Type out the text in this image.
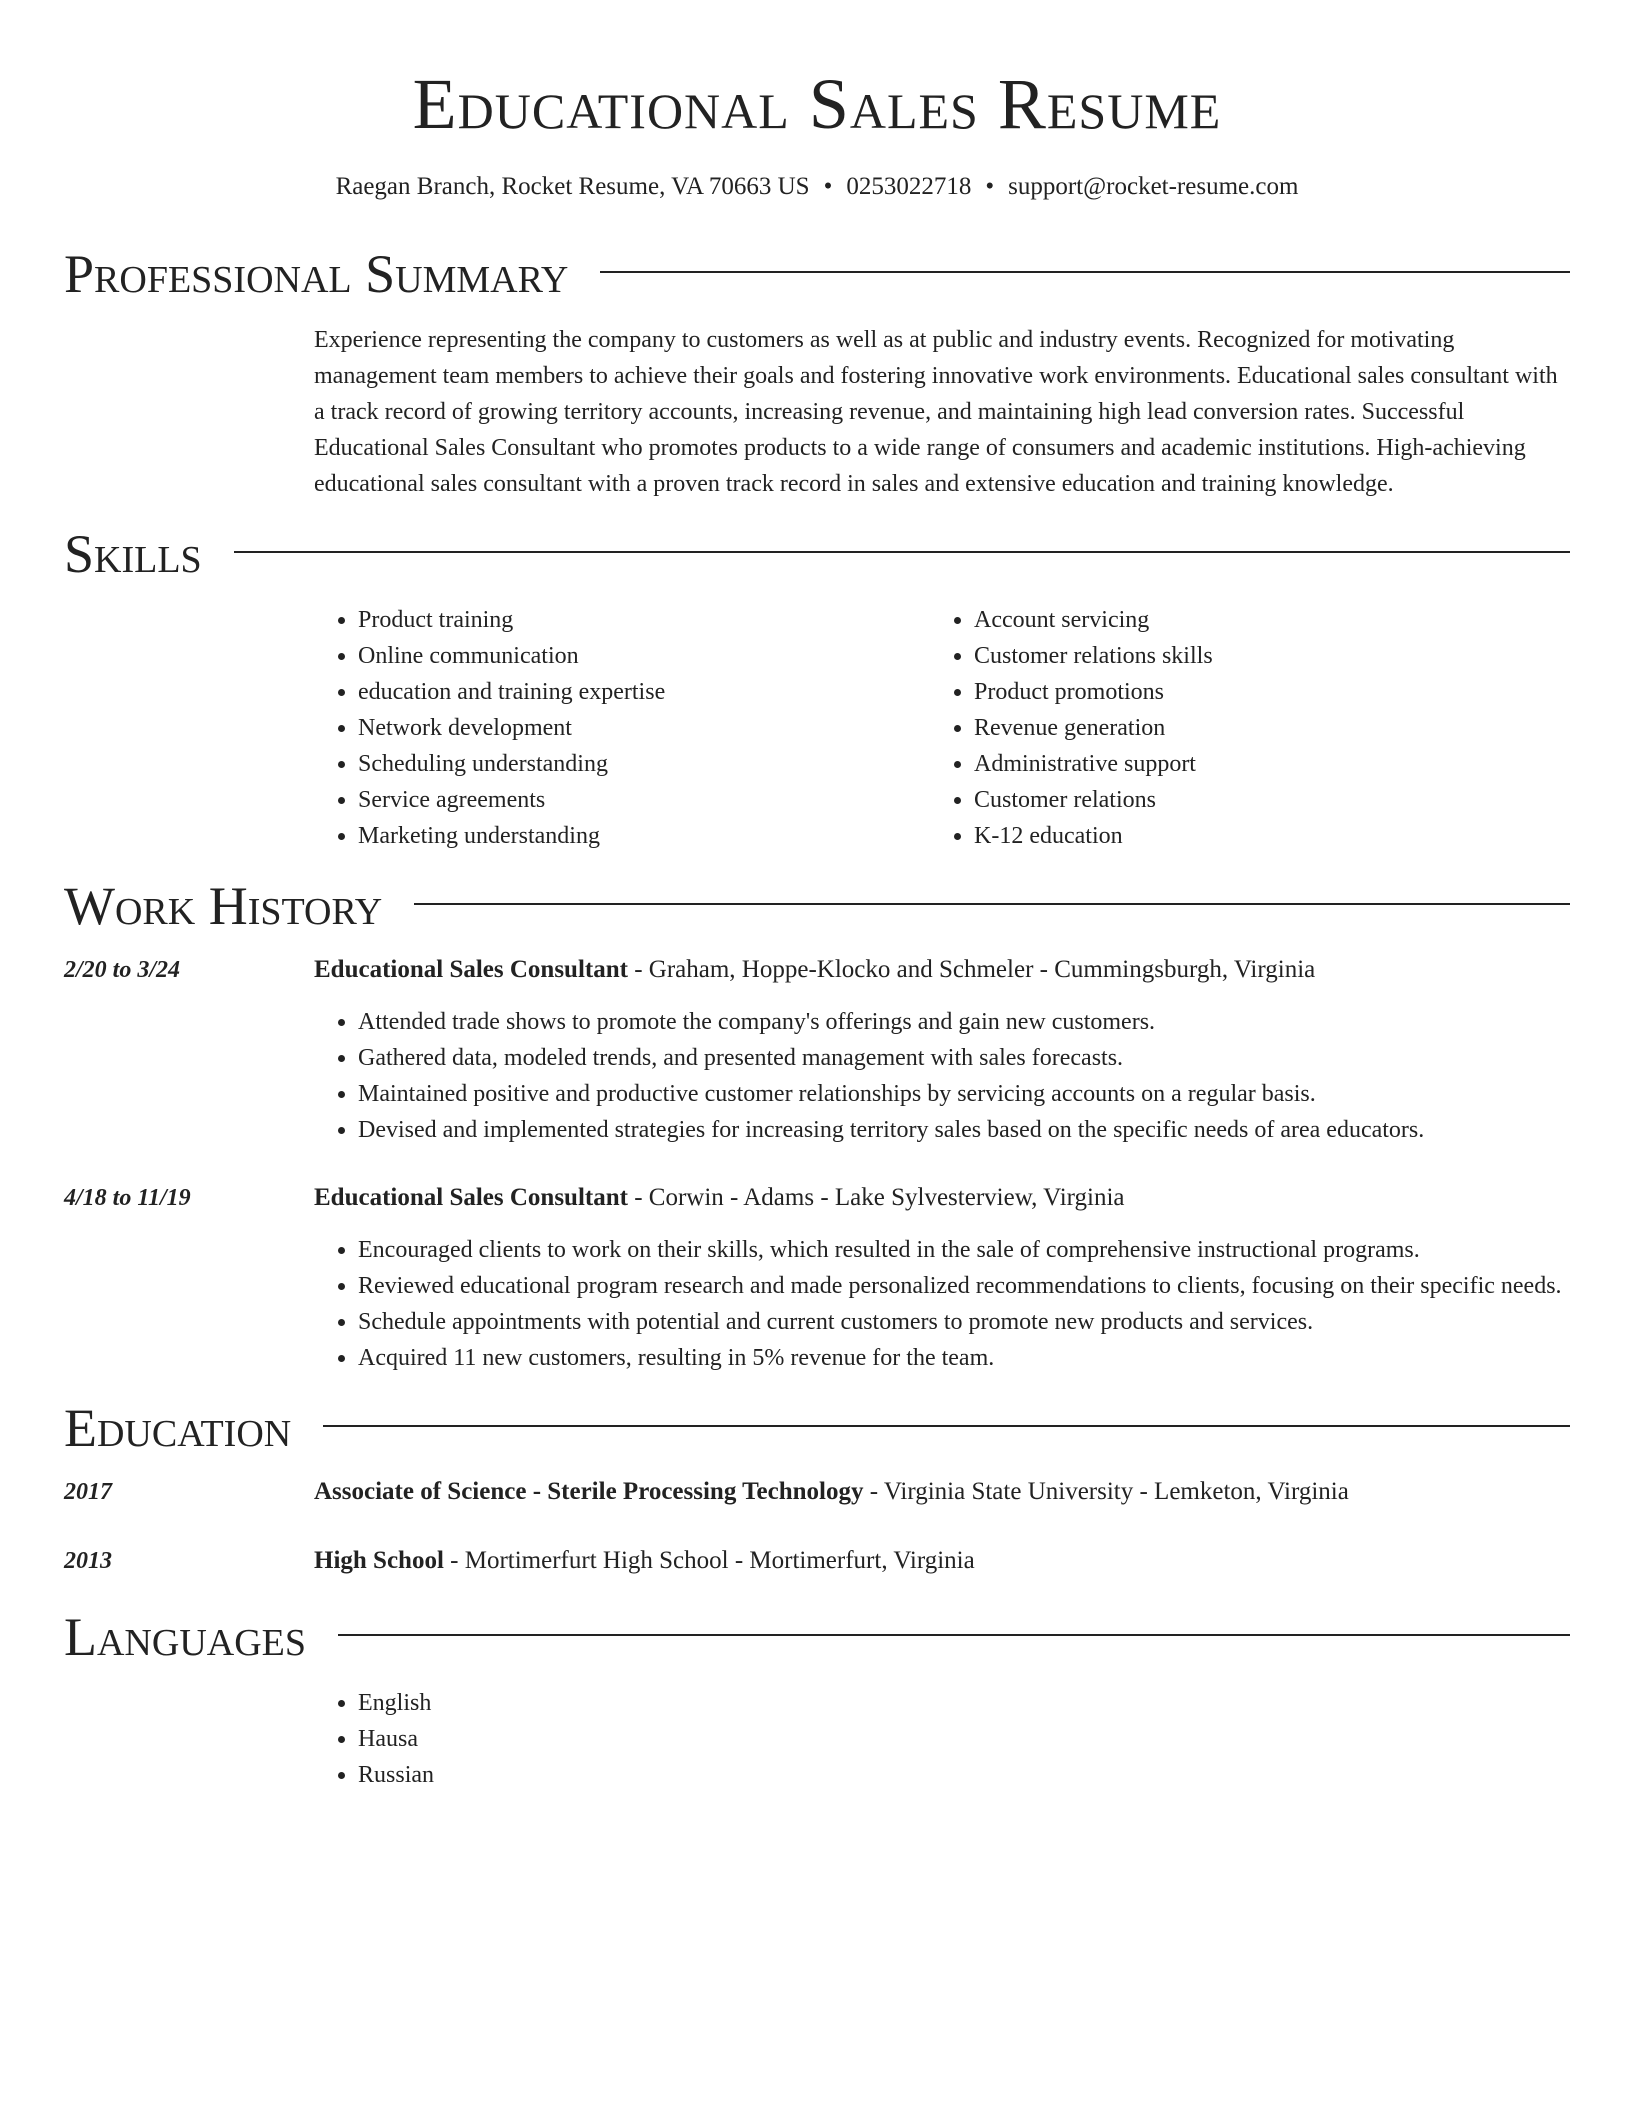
Educational Sales Resume
Raegan Branch, Rocket Resume, VA 70663 US • 0253022718 • support@rocket-resume.com
Professional Summary

Experience representing the company to customers as well as at public and industry events. Recognized for motivating management team members to achieve their goals and fostering innovative work environments. Educational sales consultant with a track record of growing territory accounts, increasing revenue, and maintaining high lead conversion rates. Successful Educational Sales Consultant who promotes products to a wide range of consumers and academic institutions. High-achieving educational sales consultant with a proven track record in sales and extensive education and training knowledge.

Skills
• Product training
• Online communication
• education and training expertise
• Network development
• Scheduling understanding
• Service agreements
• Marketing understanding
• Account servicing
• Customer relations skills
• Product promotions
• Revenue generation
• Administrative support
• Customer relations
• K-12 education
Work History
2/20 to 3/24	Educational Sales Consultant - Graham, Hoppe-Klocko and Schmeler - Cummingsburgh, Virginia
• Attended trade shows to promote the company's offerings and gain new customers.
• Gathered data, modeled trends, and presented management with sales forecasts.
• Maintained positive and productive customer relationships by servicing accounts on a regular basis.
• Devised and implemented strategies for increasing territory sales based on the specific needs of area educators.
4/18 to 11/19	Educational Sales Consultant - Corwin - Adams - Lake Sylvesterview, Virginia
• Encouraged clients to work on their skills, which resulted in the sale of comprehensive instructional programs.
• Reviewed educational program research and made personalized recommendations to clients, focusing on their specific needs.
• Schedule appointments with potential and current customers to promote new products and services.
• Acquired 11 new customers, resulting in 5% revenue for the team.
Education
2017	Associate of Science - Sterile Processing Technology - Virginia State University - Lemketon, Virginia
2013	High School - Mortimerfurt High School - Mortimerfurt, Virginia
Languages
• English
• Hausa
• Russian
